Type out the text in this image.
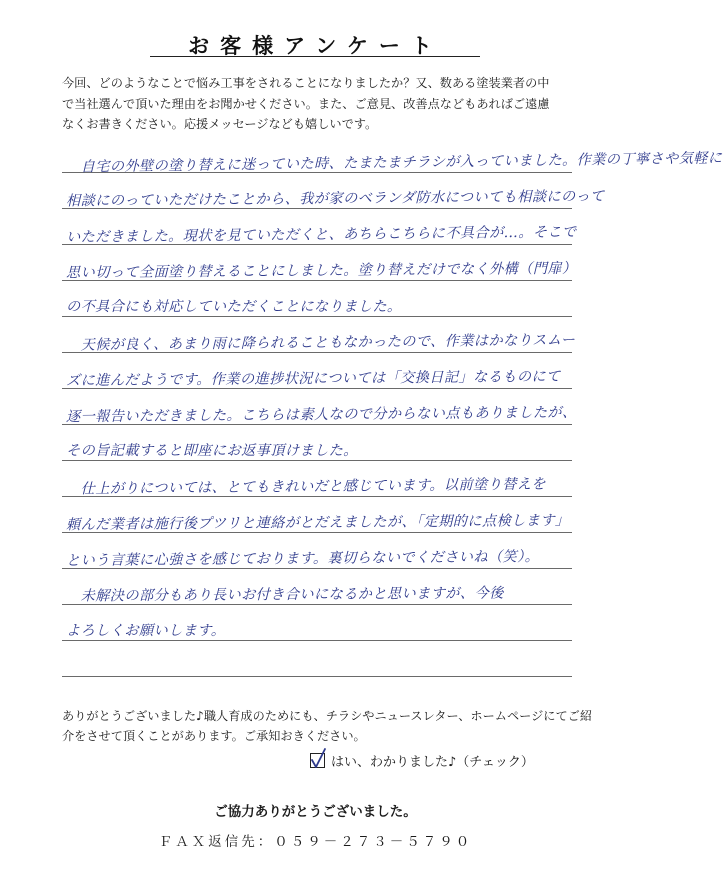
お客様アンケート
今回、どのようなことで悩み工事をされることになりましたか？又、数ある塗装業者の中
で当社選んで頂いた理由をお聞かせください。また、ご意見、改善点などもあればご遠慮
なくお書きください。応援メッセージなども嬉しいです。
　自宅の外壁の塗り替えに迷っていた時、たまたまチラシが入っていました。作業の丁寧さや気軽に
相談にのっていただけたことから、我が家のベランダ防水についても相談にのって
いただきました。現状を見ていただくと、あちらこちらに不具合が…。そこで
思い切って全面塗り替えることにしました。塗り替えだけでなく外構（門扉）
の不具合にも対応していただくことになりました。
　天候が良く、あまり雨に降られることもなかったので、作業はかなりスムー
ズに進んだようです。作業の進捗状況については「交換日記」なるものにて
逐一報告いただきました。こちらは素人なので分からない点もありましたが、
その旨記載すると即座にお返事頂けました。
　仕上がりについては、とてもきれいだと感じています。以前塗り替えを
頼んだ業者は施行後プツリと連絡がとだえましたが、「定期的に点検します」
という言葉に心強さを感じております。裏切らないでくださいね（笑）。
　未解決の部分もあり長いお付き合いになるかと思いますが、今後
よろしくお願いします。
ありがとうございました♪職人育成のためにも、チラシやニュースレター、ホームページにてご紹
介をさせて頂くことがあります。ご承知おきください。
はい、わかりました♪（チェック）
ご協力ありがとうございました。
ＦＡＸ返信先：０５９－２７３－５７９０
